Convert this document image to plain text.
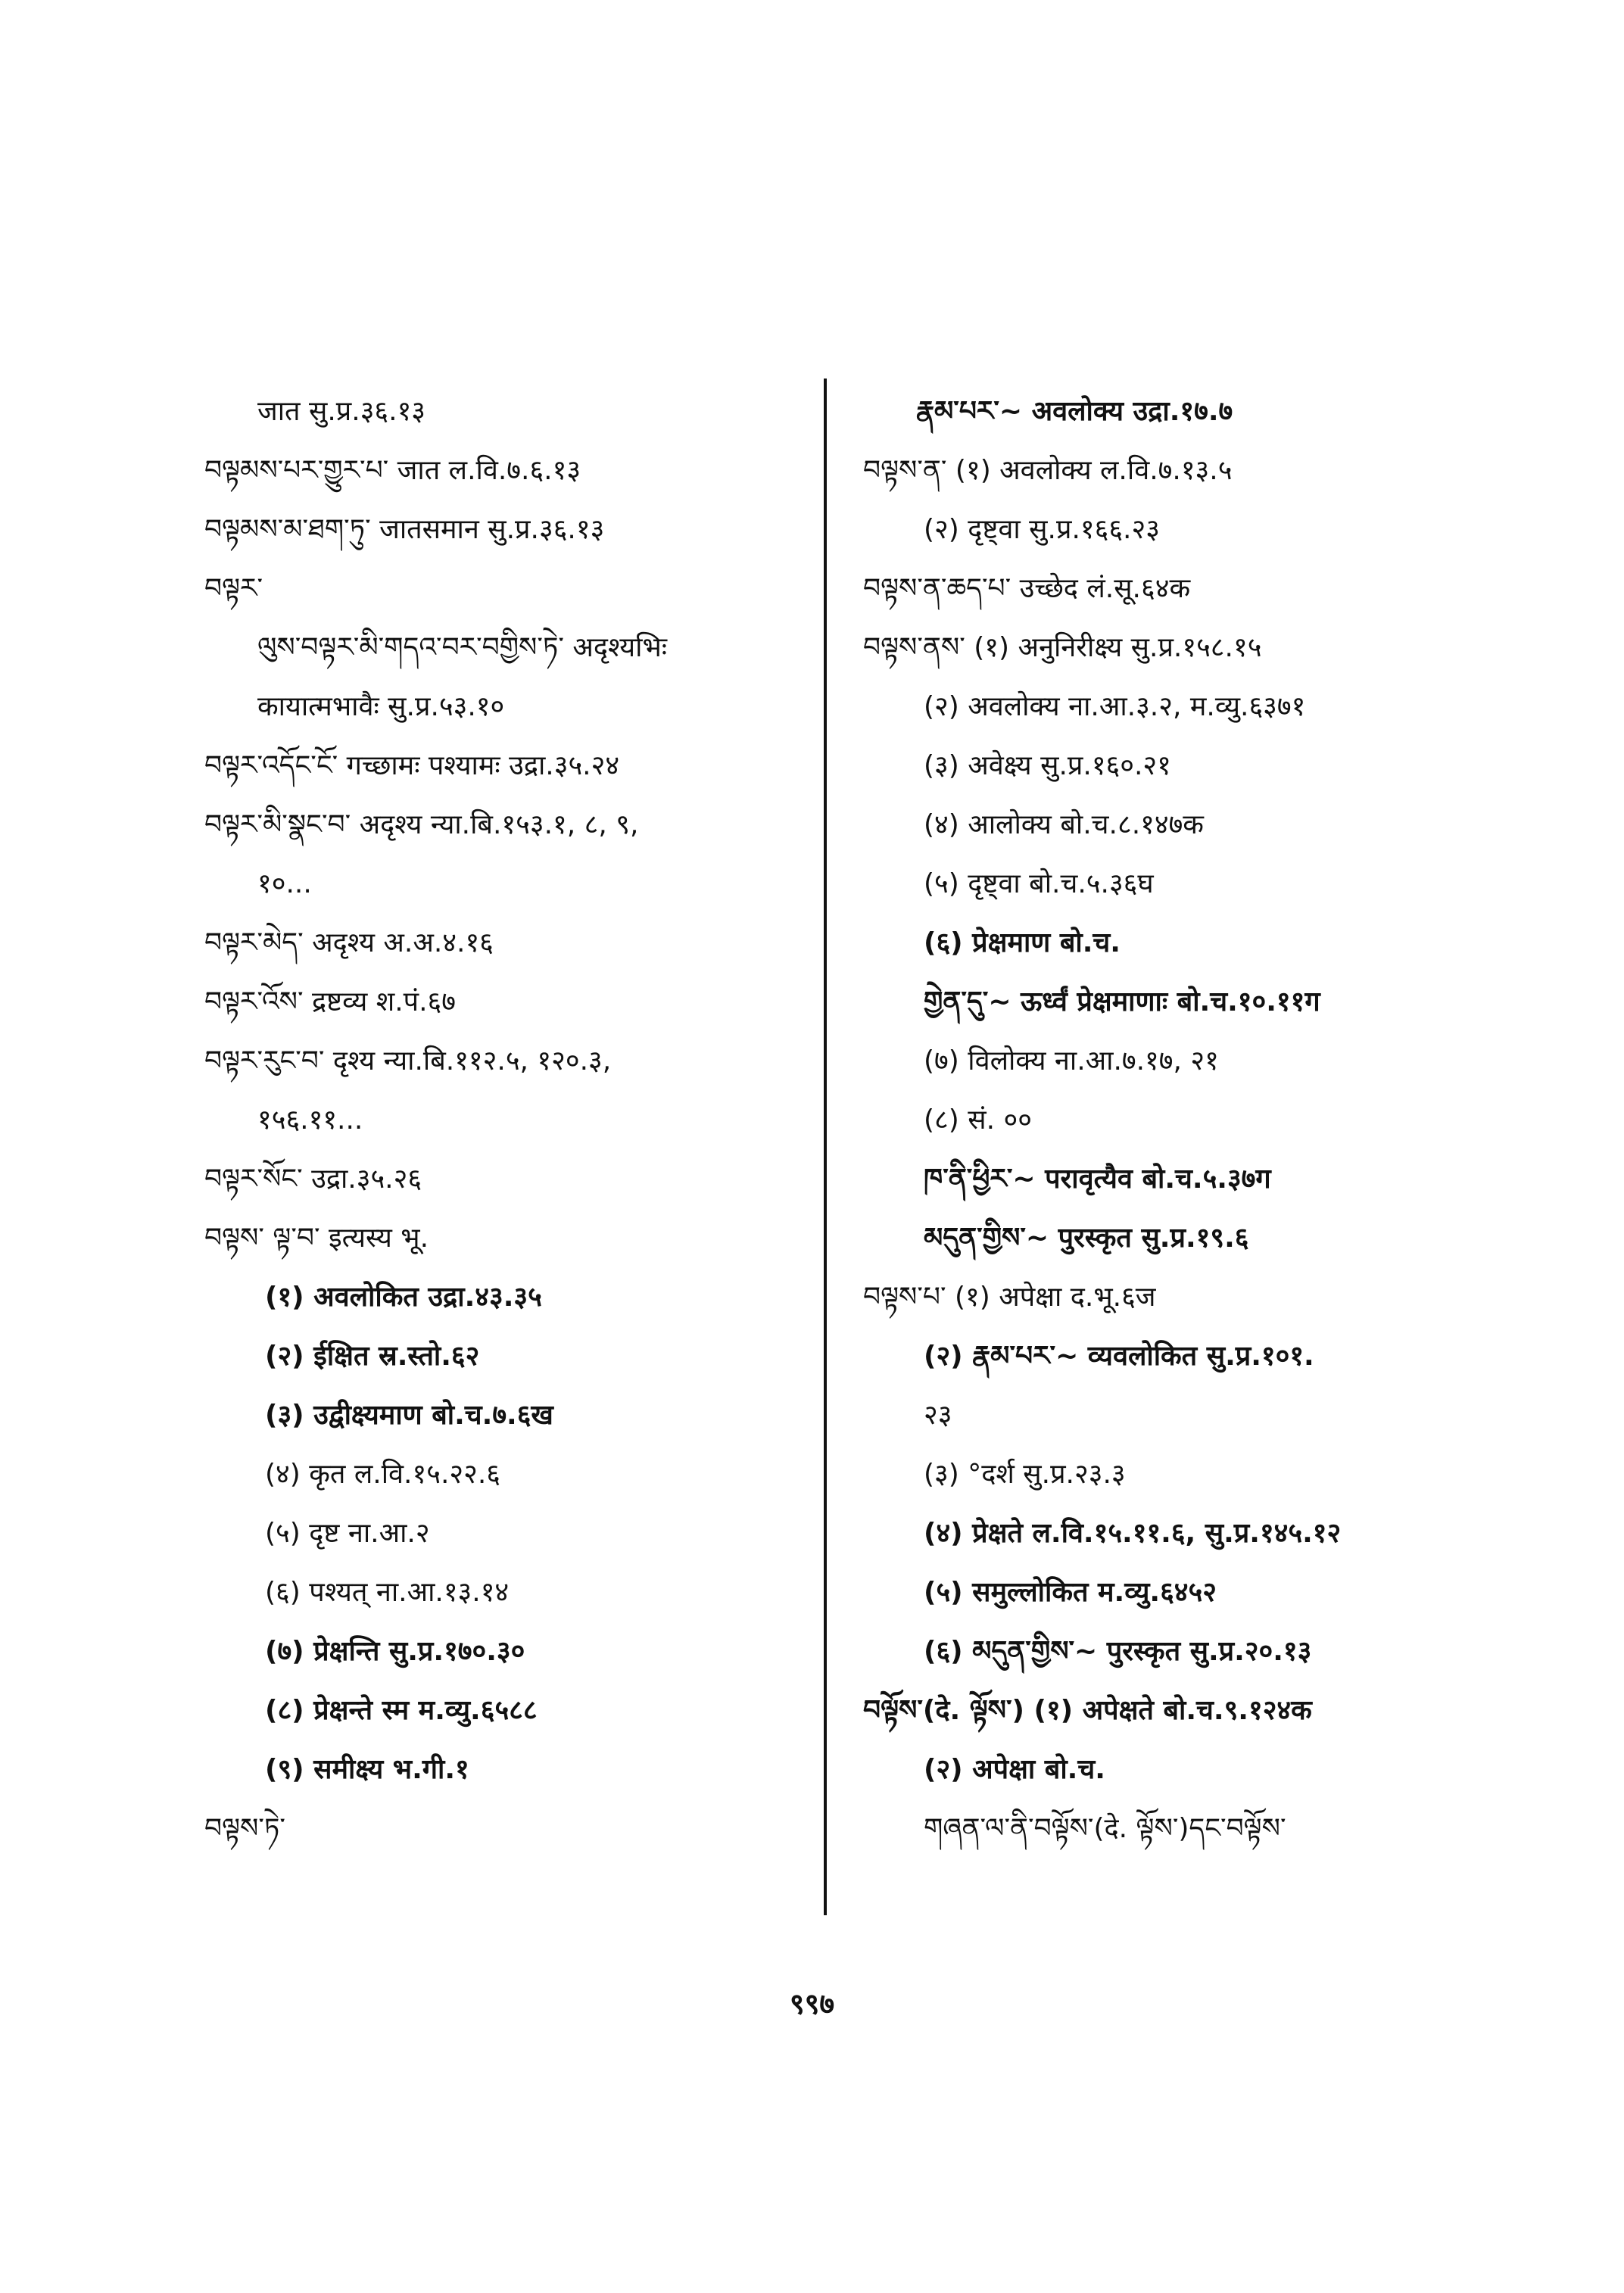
जात सु.प्र.३६.१३
བལྟམས་པར་གྱུར་པ་ जात ल.वि.७.६.१३
བལྟམས་མ་ཐག་ཏུ་ जातसमान सु.प्र.३६.१३
བལྟར་
ལུས་བལྟར་མི་གདའ་བར་བགྱིས་ཏེ་ अदृश्यभिः
कायात्मभावैः सु.प्र.५३.१०
བལྟར་འདོང་ངོ་ गच्छामः पश्यामः उद्रा.३५.२४
བལྟར་མི་སྣང་བ་ अदृश्य न्या.बि.१५३.१, ८, ९,
१०...
བལྟར་མེད་ अदृश्य अ.अ.४.१६
བལྟར་འོས་ द्रष्टव्य श.पं.६७
བལྟར་རུང་བ་ दृश्य न्या.बि.११२.५, १२०.३,
१५६.११...
བལྟར་སོང་ उद्रा.३५.२६
བལྟས་ ལྟ་བ་ इत्यस्य भू.
(१) अवलोकित उद्रा.४३.३५
(२) ईक्षित स्र.स्तो.६२
(३) उद्वीक्ष्यमाण बो.च.७.६ख
(४) कृत ल.वि.१५.२२.६
(५) दृष्ट ना.आ.२
(६) पश्यत् ना.आ.१३.१४
(७) प्रेक्षन्ति सु.प्र.१७०.३०
(८) प्रेक्षन्ते स्म म.व्यु.६५८८
(९) समीक्ष्य भ.गी.१
བལྟས་ཏེ་
རྣམ་པར་~ अवलोक्य उद्रा.१७.७
བལྟས་ན་ (१) अवलोक्य ल.वि.७.१३.५
(२) दृष्ट्वा सु.प्र.१६६.२३
བལྟས་ན་ཆད་པ་ उच्छेद लं.सू.६४क
བལྟས་ནས་ (१) अनुनिरीक्ष्य सु.प्र.१५८.१५
(२) अवलोक्य ना.आ.३.२, म.व्यु.६३७१
(३) अवेक्ष्य सु.प्र.१६०.२१
(४) आलोक्य बो.च.८.१४७क
(५) दृष्ट्वा बो.च.५.३६घ
(६) प्रेक्षमाण बो.च.
གྱེན་དུ་~ ऊर्ध्वं प्रेक्षमाणाः बो.च.१०.११ग
(७) विलोक्य ना.आ.७.१७, २१
(८) सं. ००
ཁ་ནི་ཕྱིར་~ परावृत्यैव बो.च.५.३७ग
མདུན་གྱིས་~ पुरस्कृत सु.प्र.१९.६
བལྟས་པ་ (१) अपेक्षा द.भू.६ज
(२) རྣམ་པར་~ व्यवलोकित सु.प्र.१०१.
२३
(३) °दर्श सु.प्र.२३.३
(४) प्रेक्षते ल.वि.१५.११.६, सु.प्र.१४५.१२
(५) समुल्लोकित म.व्यु.६४५२
(६) མདུན་གྱིས་~ पुरस्कृत सु.प्र.२०.१३
བལྟོས་(दे. ལྟོས་) (१) अपेक्षते बो.च.९.१२४क
(२) अपेक्षा बो.च.
གཞན་ལ་ནི་བལྟོས་(दे. ལྟོས་)དང་བལྟོས་
९९७
